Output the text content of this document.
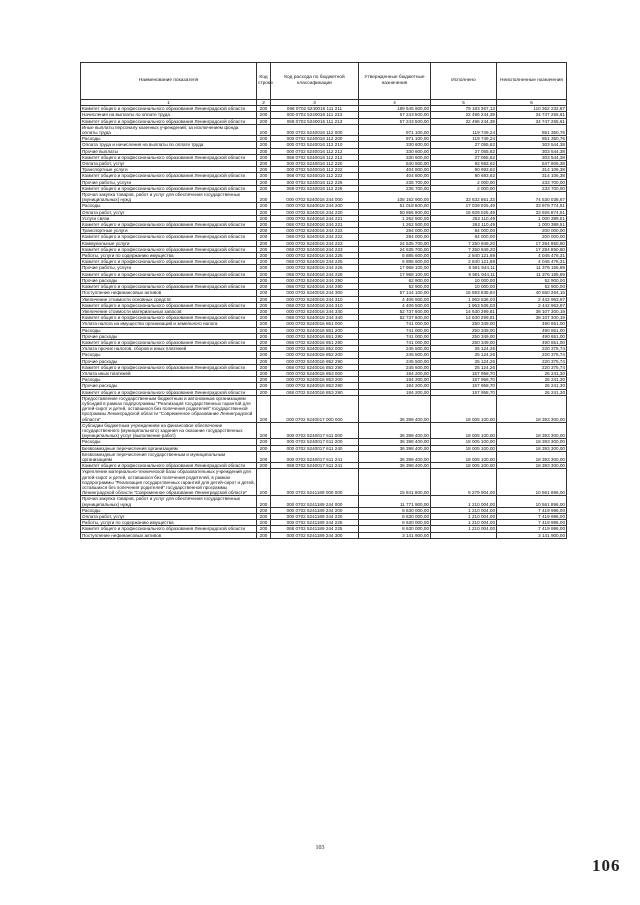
Наименование показателя	Код строки	Код расхода по бюджетной классификации	Утвержденные бюджетные назначения	Исполнено	Неисполненные назначения
1	2	3	4	5	6
Комитет общего и профессионального образования Ленинградской области	200	068 0702 5240016 111 211	189 545 600,00	79 183 367,13	110 362 232,87
Начисления на выплаты по оплате труда	200	000 0702 5240016 111 213	57 243 500,00	22 496 244,39	34 747 255,61
Комитет общего и профессионального образования Ленинградской области	200	068 0702 5240016 111 213	57 243 500,00	22 496 244,39	34 747 255,61
Иные выплаты персоналу казенных учреждений, за исключением фонда оплаты труда	200	000 0702 5240016 112 000	971 100,00	119 749,24	851 350,76
Расходы	200	000 0702 5240016 112 200	971 100,00	119 749,24	851 350,76
Оплата труда и начисления на выплаты по оплате труда	200	000 0702 5240016 112 210	330 600,00	27 055,62	303 544,38
Прочие выплаты	200	000 0702 5240016 112 212	330 600,00	27 055,62	303 544,38
Комитет общего и профессионального образования Ленинградской области	200	068 0702 5240016 112 212	330 600,00	27 055,62	303 544,38
Оплата работ, услуг	200	000 0702 5240016 112 220	640 500,00	92 693,62	547 806,38
Транспортные услуги	200	000 0702 5240016 112 222	404 800,00	90 693,62	314 106,38
Комитет общего и профессионального образования Ленинградской области	200	068 0702 5240016 112 222	404 800,00	90 693,62	314 106,38
Прочие работы, услуги	200	000 0702 5240016 112 226	235 700,00	2 000,00	233 700,00
Комитет общего и профессионального образования Ленинградской области	200	068 0702 5240016 112 226	235 700,00	2 000,00	233 700,00
Прочая закупка товаров, работ и услуг для обеспечения государственных (муниципальных) нужд	200	000 0702 5240016 244 000	108 162 900,00	33 632 861,33	74 530 038,67
Расходы	200	000 0702 5240016 244 200	51 018 800,00	17 039 025,49	33 979 774,51
Оплата работ, услуг	200	000 0702 5240016 244 220	50 855 900,00	16 929 025,49	33 926 874,51
Услуги связи	200	000 0702 5240016 244 221	1 262 500,00	262 110,49	1 000 389,51
Комитет общего и профессионального образования Ленинградской области	200	068 0702 5240016 244 221	1 262 500,00	262 110,49	1 000 389,51
Транспортные услуги	200	000 0702 5240016 244 222	284 000,00	84 000,00	200 000,00
Комитет общего и профессионального образования Ленинградской области	200	068 0702 5240016 244 222	284 000,00	84 000,00	200 000,00
Коммунальные услуги	200	000 0702 5240016 244 223	24 535 700,00	7 250 849,20	17 284 850,80
Комитет общего и профессионального образования Ленинградской области	200	068 0702 5240016 244 223	24 535 700,00	7 250 849,20	17 284 850,80
Работы, услуги по содержанию имущества	200	000 0702 5240016 244 225	6 885 600,00	2 840 121,69	4 045 478,31
Комитет общего и профессионального образования Ленинградской области	200	068 0702 5240016 244 225	6 885 600,00	2 840 121,69	4 045 478,31
Прочие работы, услуги	200	000 0702 5240016 244 226	17 968 100,00	6 591 944,11	11 376 155,89
Комитет общего и профессионального образования Ленинградской области	200	068 0702 5240016 244 226	17 968 100,00	6 591 944,11	11 376 155,89
Прочие расходы	200	000 0702 5240016 244 290	62 900,00	10 000,00	52 900,00
Комитет общего и профессионального образования Ленинградской области	200	068 0702 5240016 244 290	52 900,00	10 000,00	52 900,00
Поступление нефинансовых активов	200	000 0702 5240016 244 300	57 144 100,00	16 593 835,84	40 550 264,16
Увеличение стоимости основных средств	200	000 0702 5240016 244 310	4 406 500,00	1 963 536,03	2 442 963,97
Комитет общего и профессионального образования Ленинградской области	200	068 0702 5240016 244 310	4 406 500,00	1 963 536,03	2 442 963,97
Увеличение стоимости материальных запасов	200	000 0702 5240016 244 340	52 737 600,00	14 630 299,81	38 107 300,19
Комитет общего и профессионального образования Ленинградской области	200	068 0702 5240016 244 340	52 737 600,00	14 630 299,81	38 107 300,19
Уплата налога на имущество организаций и земельного налога	200	000 0702 5240016 851 000	741 000,00	250 349,00	490 651,00
Расходы	200	000 0702 5240016 851 200	741 000,00	250 349,00	490 651,00
Прочие расходы	200	000 0702 5240016 851 290	741 000,00	250 349,00	490 651,00
Комитет общего и профессионального образования Ленинградской области	200	068 0702 5240016 851 290	741 000,00	250 349,00	490 651,00
Уплата прочих налогов, сборов и иных платежей	200	000 0702 5240016 852 000	245 500,00	25 124,26	220 375,74
Расходы	200	000 0702 5240016 852 200	245 500,00	25 124,26	220 375,74
Прочие расходы	200	000 0702 5240016 852 290	245 500,00	25 124,26	220 375,74
Комитет общего и профессионального образования Ленинградской области	200	068 0702 5240016 852 290	245 500,00	25 124,26	220 375,74
Уплата иных платежей	200	000 0702 5240016 853 000	184 200,00	157 958,70	26 241,30
Расходы	200	000 0702 5240016 853 200	184 200,00	157 958,70	26 241,30
Прочие расходы	200	000 0702 5240016 853 290	184 200,00	157 958,70	26 241,30
Комитет общего и профессионального образования Ленинградской области	200	068 0702 5240016 853 290	184 200,00	157 958,70	26 241,30
Предоставление государственным бюджетным и автономным организациям субсидий в рамках подпрограммы "Реализация государственных гарантий для детей-сирот и детей, оставшихся без попечения родителей" государственной программы Ленинградской области "Современное образование Ленинградской области"	200	000 0702 5240017 000 000	36 398 400,00	18 005 100,00	18 393 300,00
Субсидии бюджетным учреждениям на финансовое обеспечение государственного (муниципального) задания на оказание государственных (муниципальных) услуг (выполнение работ)	200	000 0702 5240017 611 000	36 398 400,00	18 005 100,00	18 393 300,00
Расходы	200	000 0702 5240017 611 200	36 398 400,00	18 005 100,00	18 393 300,00
Безвозмездные перечисления организациям	200	000 0702 5240017 611 240	36 398 400,00	18 005 100,00	18 393 300,00
Безвозмездные перечисления государственным и муниципальным организациям	200	000 0702 5240017 611 241	36 398 400,00	18 005 100,00	18 393 300,00
Комитет общего и профессионального образования Ленинградской области	200	068 0702 5240017 611 241	36 398 400,00	18 005 100,00	18 393 300,00
Укрепление материально-технической базы образовательных учреждений для детей-сирот и детей, оставшихся без попечения родителей, в рамках подпрограммы "Реализация государственных гарантий для детей-сирот и детей, оставшихся без попечения родителей" государственной программы Ленинградской области "Современное образование Ленинградской области"	200	000 0702 5241189 000 000	15 841 800,00	5 279 904,00	10 561 896,00
Прочая закупка товаров, работ и услуг для обеспечения государственных (муниципальных) нужд	200	000 0702 5241189 244 000	11 771 900,00	1 210 004,00	10 561 896,00
Расходы	200	000 0702 5241189 244 200	8 630 000,00	1 210 004,00	7 419 996,00
Оплата работ, услуг	200	000 0702 5241189 244 220	8 630 000,00	1 210 004,00	7 419 996,00
Работы, услуги по содержанию имущества	200	000 0702 5241189 244 225	8 630 000,00	1 210 004,00	7 419 996,00
Комитет общего и профессионального образования Ленинградской области	200	068 0702 5241189 244 225	8 630 000,00	1 210 004,00	7 419 996,00
Поступление нефинансовых активов	200	000 0702 5241189 244 300	3 141 900,00		3 141 900,00
103
106
